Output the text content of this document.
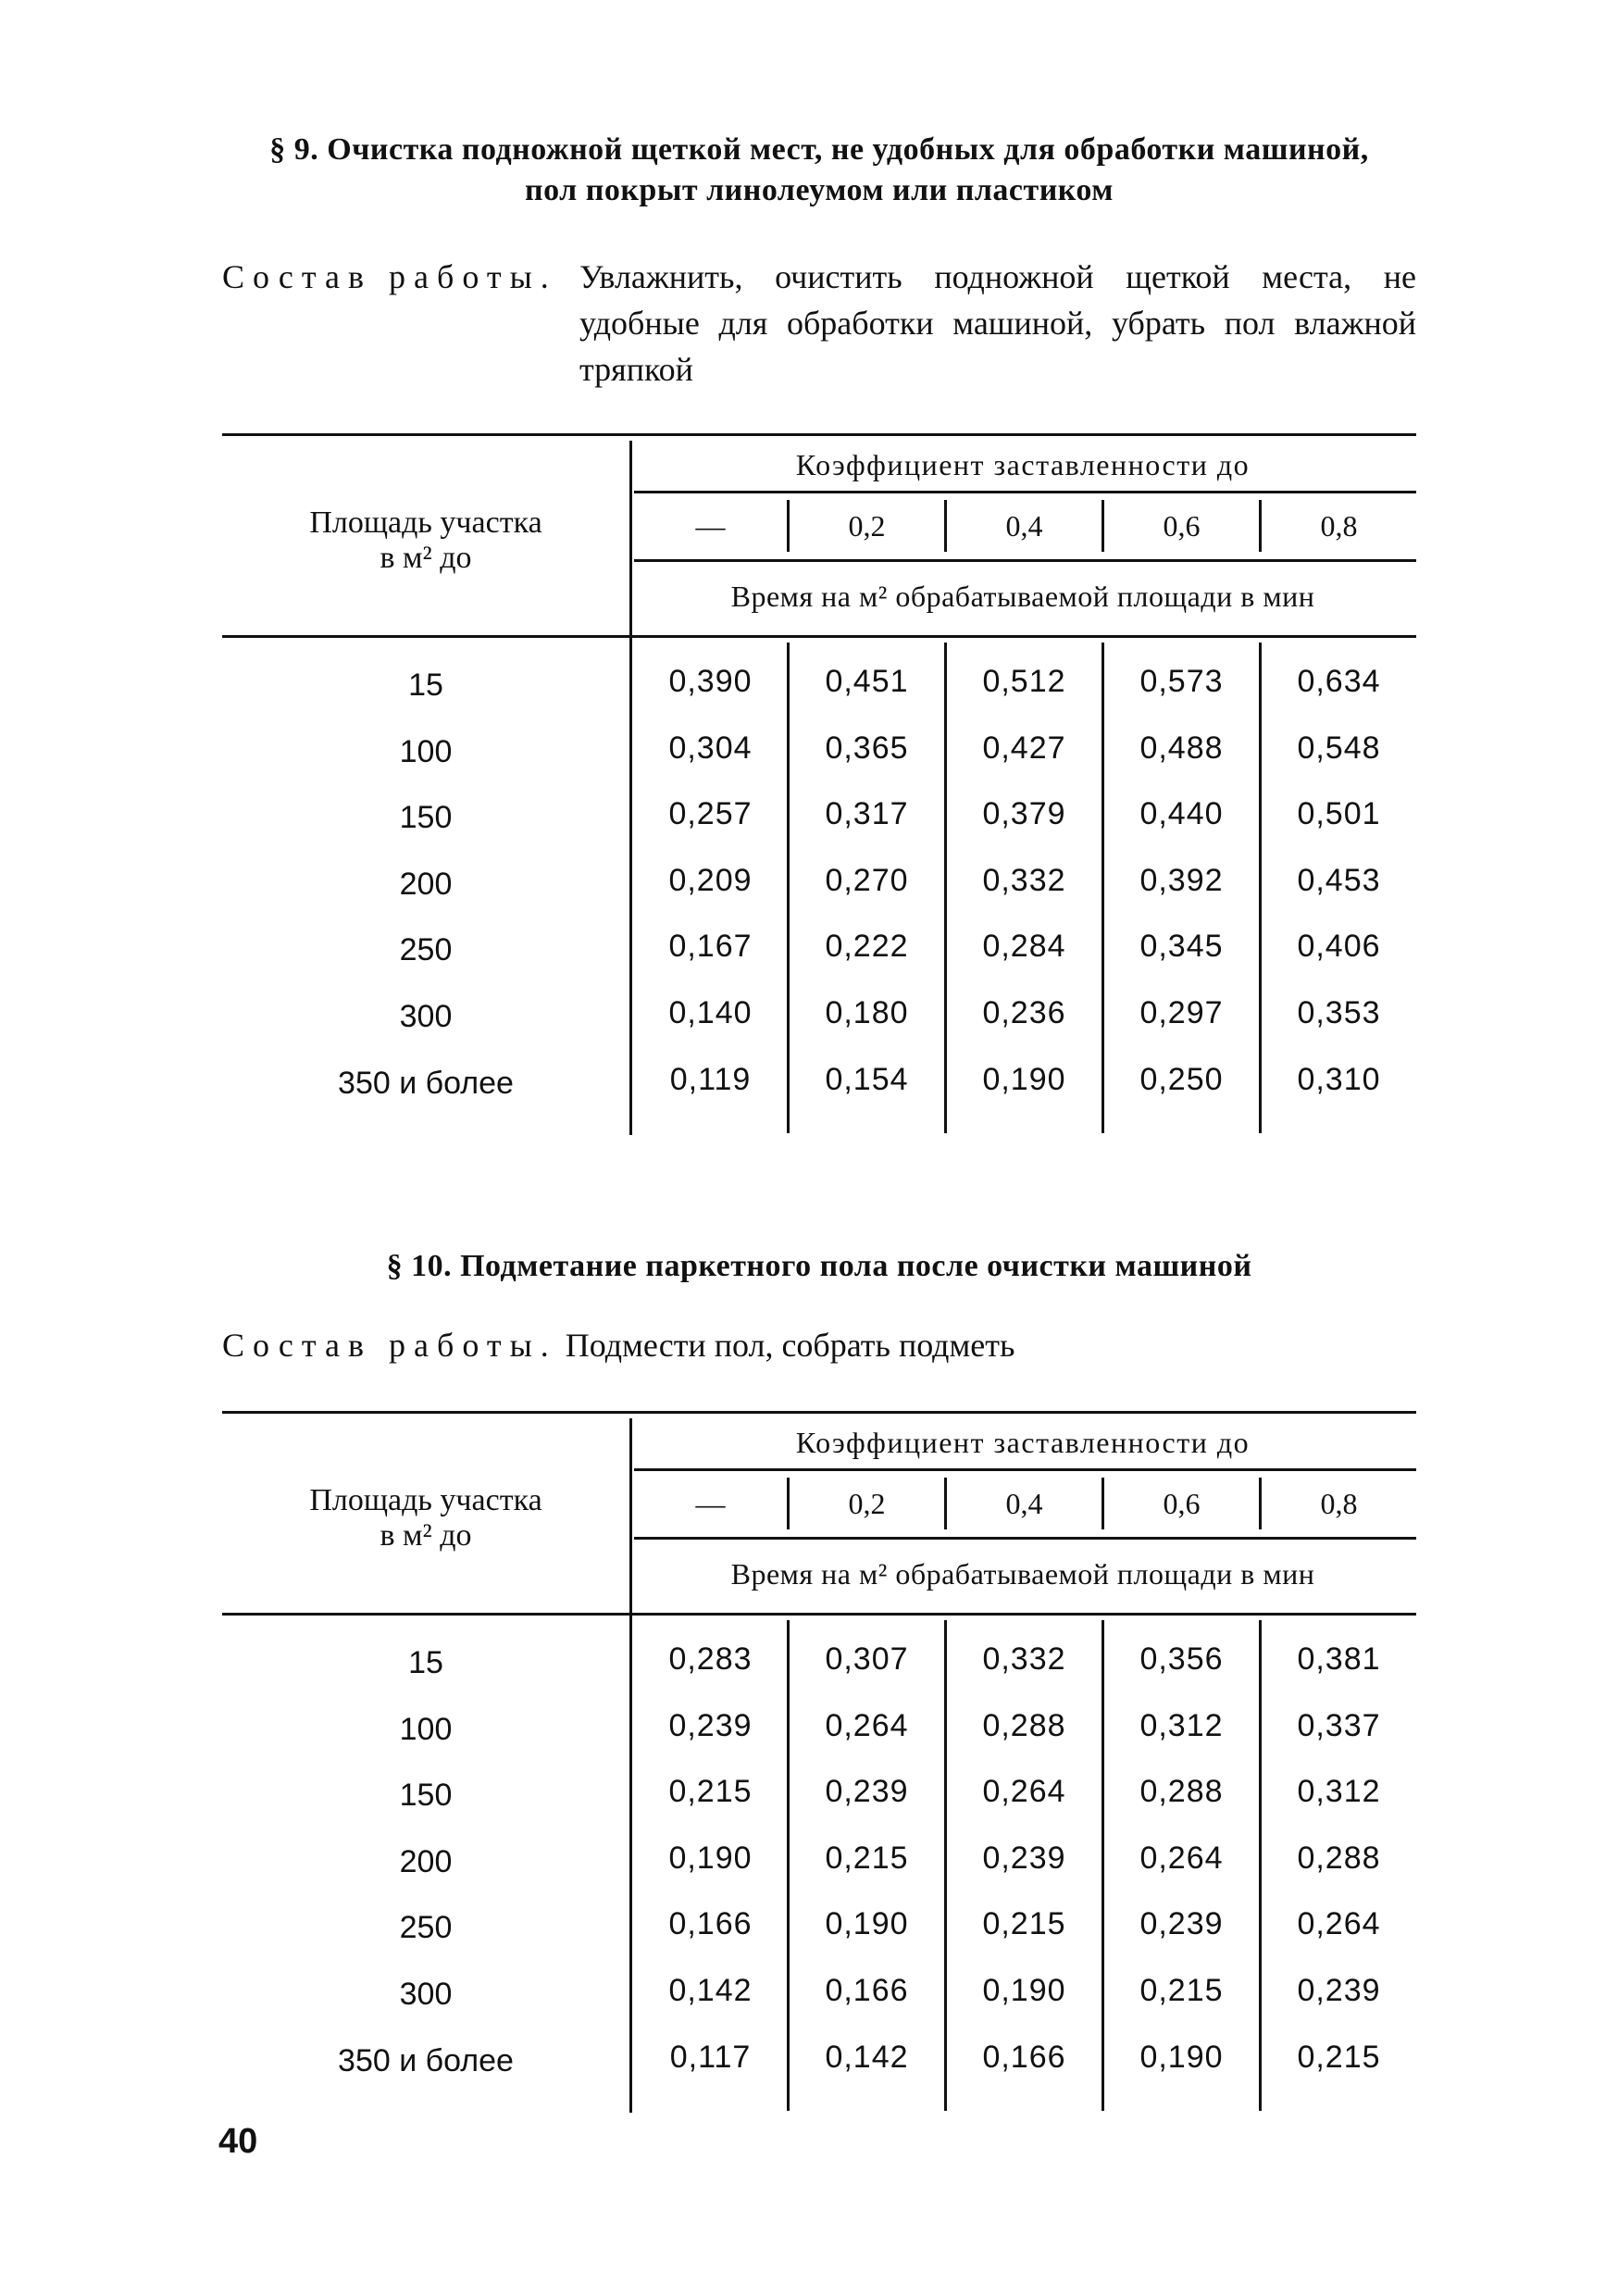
§ 9. Очистка подножной щеткой мест, не удобных для обработки машиной,
пол покрыт линолеумом или пластиком
Состав работы. Увлажнить, очистить подножной щеткой места, не удобные для обработки машиной, убрать пол влажной тряпкой
Площадь участка
в м² до
Коэффициент заставленности до
—	0,2	0,4	0,6	0,8
Время на м² обрабатываемой площади в мин
15	0,390	0,451	0,512	0,573	0,634
100	0,304	0,365	0,427	0,488	0,548
150	0,257	0,317	0,379	0,440	0,501
200	0,209	0,270	0,332	0,392	0,453
250	0,167	0,222	0,284	0,345	0,406
300	0,140	0,180	0,236	0,297	0,353
350 и более	0,119	0,154	0,190	0,250	0,310
§ 10. Подметание паркетного пола после очистки машиной
Состав работы. Подмести пол, собрать подметь
Площадь участка
в м² до
Коэффициент заставленности до
—	0,2	0,4	0,6	0,8
Время на м² обрабатываемой площади в мин
15	0,283	0,307	0,332	0,356	0,381
100	0,239	0,264	0,288	0,312	0,337
150	0,215	0,239	0,264	0,288	0,312
200	0,190	0,215	0,239	0,264	0,288
250	0,166	0,190	0,215	0,239	0,264
300	0,142	0,166	0,190	0,215	0,239
350 и более	0,117	0,142	0,166	0,190	0,215
40
